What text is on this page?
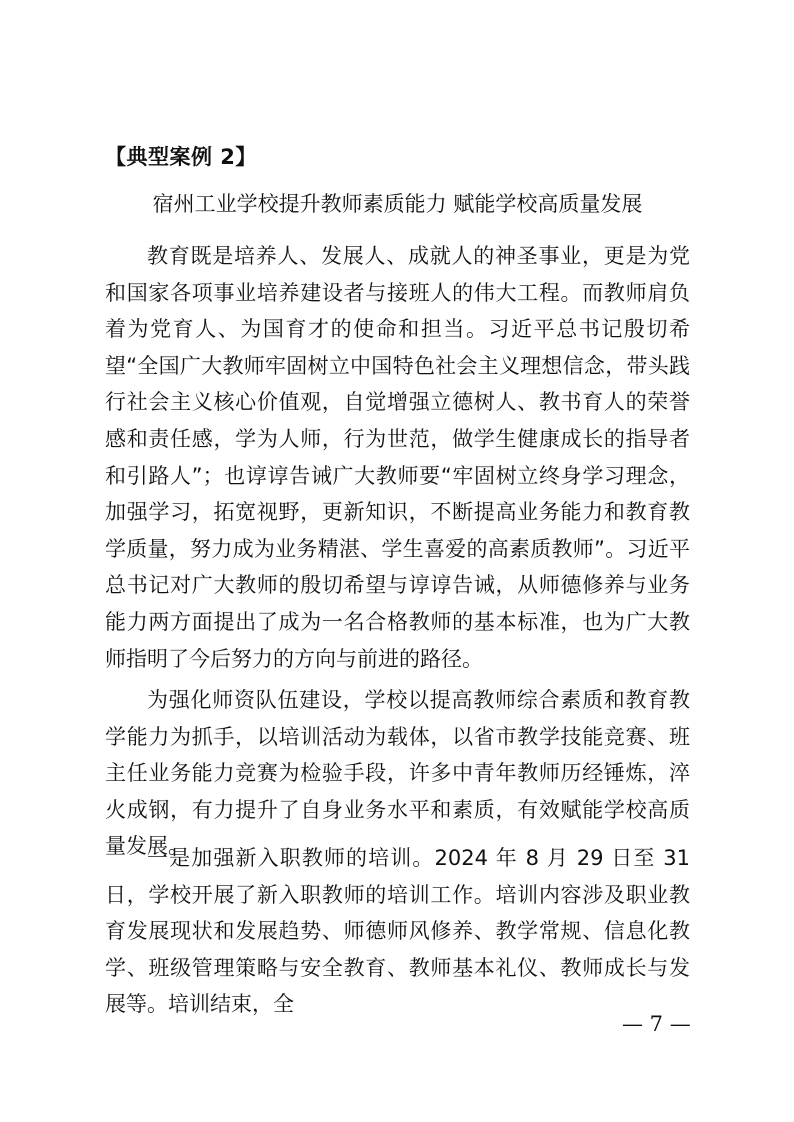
【典型案例 2】
宿州工业学校提升教师素质能力 赋能学校高质量发展

教育既是培养人、发展人、成就人的神圣事业，更是为党和国家各项事业培养建设者与接班人的伟大工程。而教师肩负着为党育人、为国育才的使命和担当。习近平总书记殷切希望“全国广大教师牢固树立中国特色社会主义理想信念，带头践行社会主义核心价值观，自觉增强立德树人、教书育人的荣誉感和责任感，学为人师，行为世范，做学生健康成长的指导者和引路人”；也谆谆告诫广大教师要“牢固树立终身学习理念，加强学习，拓宽视野，更新知识，不断提高业务能力和教育教学质量，努力成为业务精湛、学生喜爱的高素质教师”。习近平总书记对广大教师的殷切希望与谆谆告诫，从师德修养与业务能力两方面提出了成为一名合格教师的基本标准，也为广大教师指明了今后努力的方向与前进的路径。

为强化师资队伍建设，学校以提高教师综合素质和教育教学能力为抓手，以培训活动为载体，以省市教学技能竞赛、班主任业务能力竞赛为检验手段，许多中青年教师历经锤炼，淬火成钢，有力提升了自身业务水平和素质，有效赋能学校高质量发展。

一是加强新入职教师的培训。2024 年 8 月 29 日至 31 日，学校开展了新入职教师的培训工作。培训内容涉及职业教育发展现状和发展趋势、师德师风修养、教学常规、信息化教学、班级管理策略与安全教育、教师基本礼仪、教师成长与发展等。培训结束，全

— 7 —
